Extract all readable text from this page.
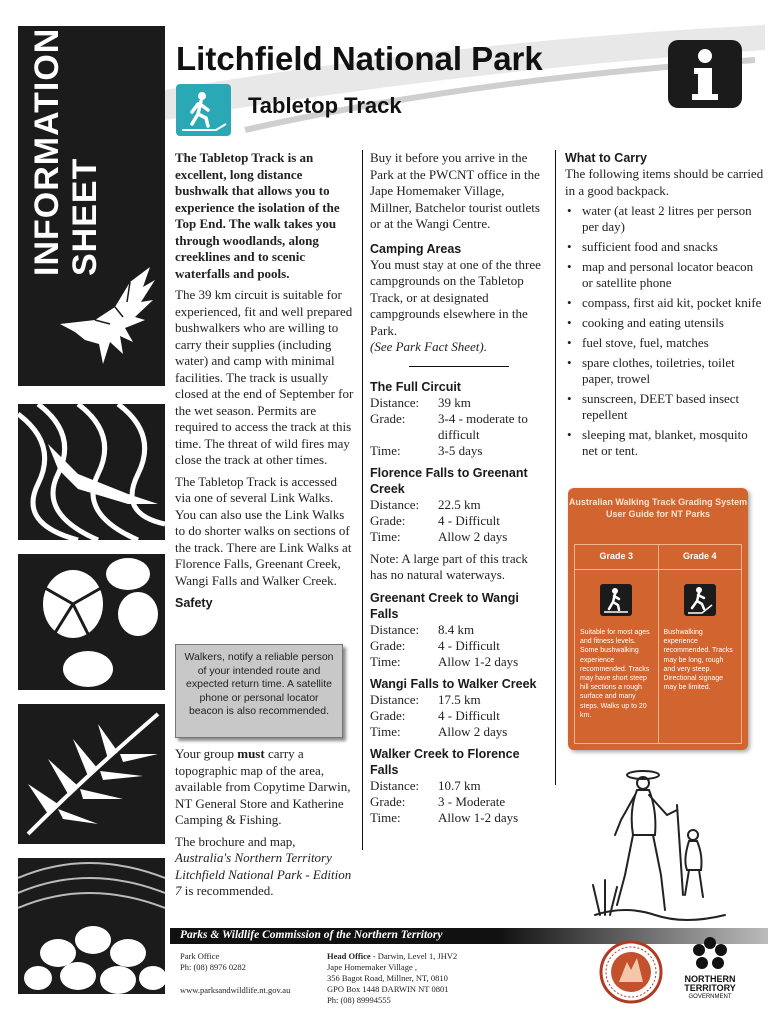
INFORMATION
SHEET
Litchfield National Park
Tabletop Track

The Tabletop Track is an excellent, long distance bushwalk that allows you to experience the isolation of the Top End. The walk takes you through woodlands, along creeklines and to scenic waterfalls and pools.

The 39 km circuit is suitable for experienced, fit and well prepared bushwalkers who are willing to carry their supplies (including water) and camp with minimal facilities. The track is usually closed at the end of September for the wet season. Permits are required to access the track at this time. The threat of wild fires may close the track at other times.

The Tabletop Track is accessed via one of several Link Walks. You can also use the Link Walks to do shorter walks on sections of the track. There are Link Walks at Florence Falls, Greenant Creek, Wangi Falls and Walker Creek.

Safety
Walkers, notify a reliable person of your intended route and expected return time. A satellite phone or personal locator beacon is also recommended.

Your group must carry a topographic map of the area, available from Copytime Darwin, NT General Store and Katherine Camping & Fishing.

The brochure and map, Australia's Northern Territory Litchfield National Park - Edition 7 is recommended.

Buy it before you arrive in the Park at the PWCNT office in the Jape Homemaker Village, Millner, Batchelor tourist outlets or at the Wangi Centre.

Camping Areas

You must stay at one of the three campgrounds on the Tabletop Track, or at designated campgrounds elsewhere in the Park.

(See Park Fact Sheet).

The Full Circuit
Distance:	39 km
Grade:	3-4 - moderate to difficult
Time:	3-5 days
Florence Falls to Greenant Creek
Distance:	22.5 km
Grade:	4 - Difficult
Time:	Allow 2 days

Note: A large part of this track has no natural waterways.

Greenant Creek to Wangi Falls
Distance:	8.4 km
Grade:	4 - Difficult
Time:	Allow 1-2 days
Wangi Falls to Walker Creek
Distance:	17.5 km
Grade:	4 - Difficult
Time:	Allow 2 days
Walker Creek to Florence Falls
Distance:	10.7 km
Grade:	3 - Moderate
Time:	Allow 1-2 days
What to Carry

The following items should be carried in a good backpack.

• water (at least 2 litres per person per day)
• sufficient food and snacks
• map and personal locator beacon or satellite phone
• compass, first aid kit, pocket knife
• cooking and eating utensils
• fuel stove, fuel, matches
• spare clothes, toiletries, toilet paper, trowel
• sunscreen, DEET based insect repellent
• sleeping mat, blanket, mosquito net or tent.
Australian Walking Track Grading System User Guide for NT Parks
Grade 3
Suitable for most ages and fitness levels. Some bushwalking experience recommended. Tracks may have short steep hill sections a rough surface and many steps. Walks up to 20 km.
Grade 4
Bushwalking experience recommended. Tracks may be long, rough and very steep. Directional signage may be limited.
Parks & Wildlife Commission of the Northern Territory
Park Office
Ph: (08) 8976 0282
www.parksandwildlife.nt.gov.au
Head Office - Darwin, Level 1, JHV2
Jape Homemaker Village ,
356 Bagot Road, Millner, NT, 0810
GPO Box 1448 DARWIN NT 0801
Ph: (08) 89994555
NORTHERN
TERRITORY
GOVERNMENT
